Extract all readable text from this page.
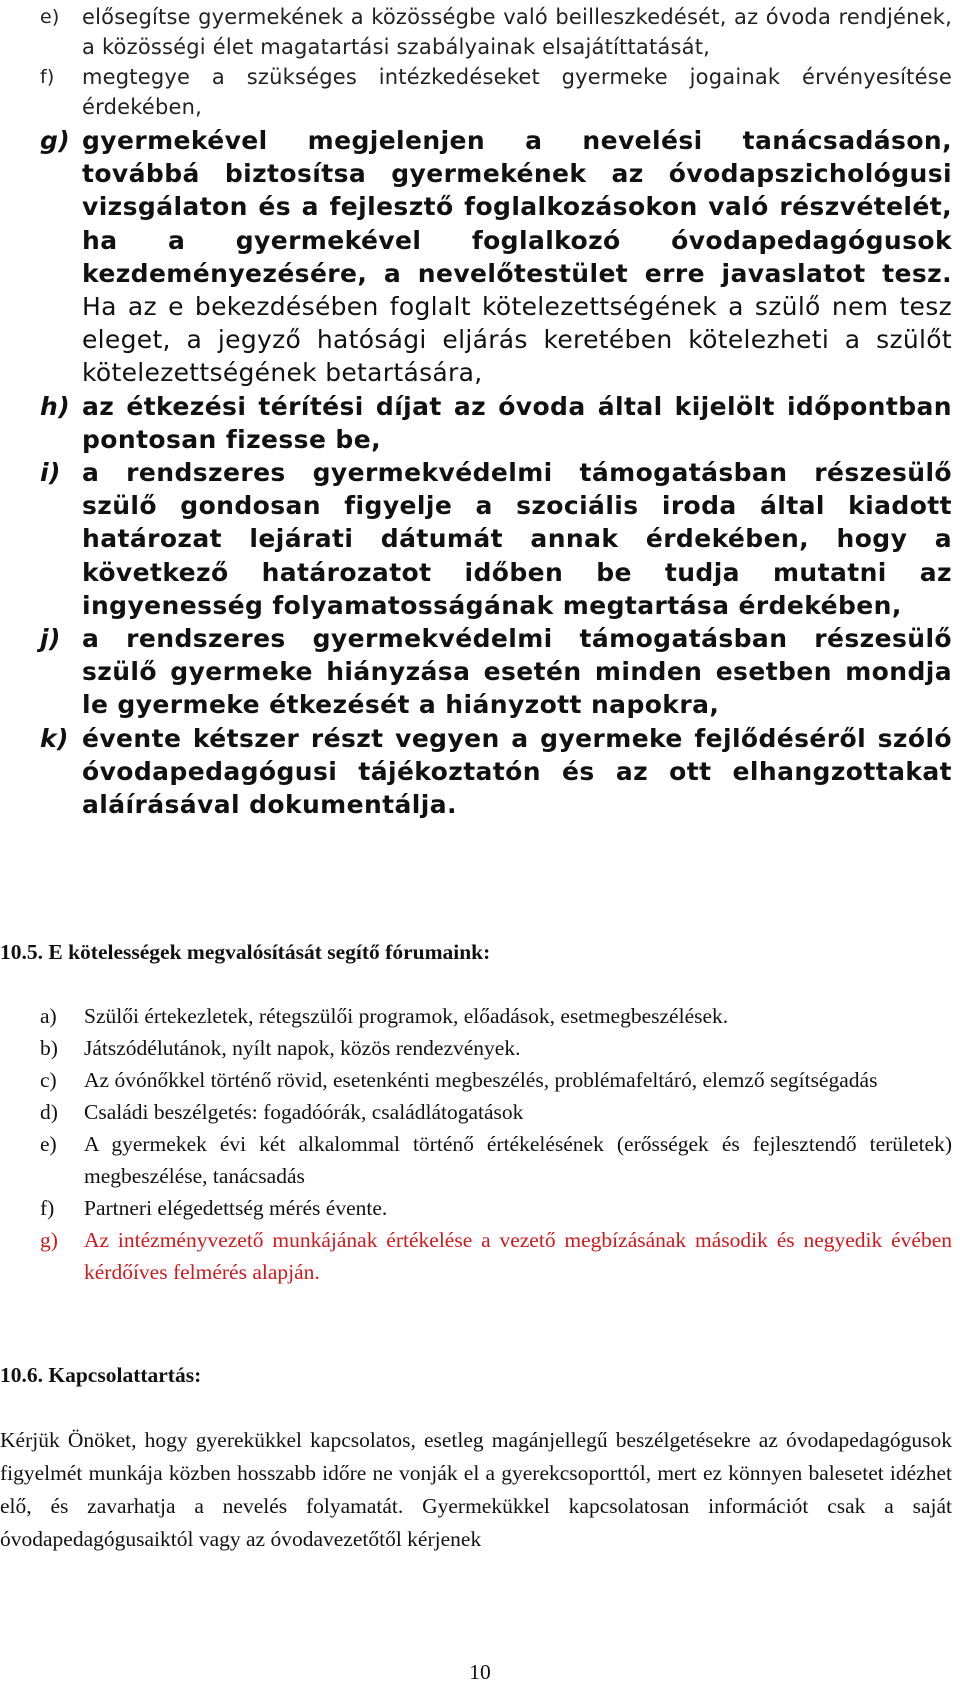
e)	elősegítse gyermekének a közösségbe való beilleszkedését, az óvoda rendjének, a közösségi élet magatartási szabályainak elsajátíttatását,
f)	megtegye a szükséges intézkedéseket gyermeke jogainak érvényesítése érdekében,
g) gyermekével megjelenjen a nevelési tanácsadáson, továbbá biztosítsa gyermekének az óvodapszichológusi vizsgálaton és a fejlesztő foglalkozásokon való részvételét, ha a gyermekével foglalkozó óvodapedagógusok kezdeményezésére, a nevelőtestület erre javaslatot tesz. Ha az e bekezdésében foglalt kötelezettségének a szülő nem tesz eleget, a jegyző hatósági eljárás keretében kötelezheti a szülőt kötelezettségének betartására,
h) az étkezési térítési díjat az óvoda által kijelölt időpontban pontosan fizesse be,
i) a rendszeres gyermekvédelmi támogatásban részesülő szülő gondosan figyelje a szociális iroda által kiadott határozat lejárati dátumát annak érdekében, hogy a következő határozatot időben be tudja mutatni az ingyenesség folyamatosságának megtartása érdekében,
j) a rendszeres gyermekvédelmi támogatásban részesülő szülő gyermeke hiányzása esetén minden esetben mondja le gyermeke étkezését a hiányzott napokra,
k) évente kétszer részt vegyen a gyermeke fejlődéséről szóló óvodapedagógusi tájékoztatón és az ott elhangzottakat aláírásával dokumentálja.
10.5. E kötelességek megvalósítását segítő fórumaink:
a)	Szülői értekezletek, rétegszülői programok, előadások, esetmegbeszélések.
b)	Játszódélutánok, nyílt napok, közös rendezvények.
c)	Az óvónőkkel történő rövid, esetenkénti megbeszélés, problémafeltáró, elemző segítségadás
d)	Családi beszélgetés: fogadóórák, családlátogatások
e)	A gyermekek évi két alkalommal történő értékelésének (erősségek és fejlesztendő területek) megbeszélése, tanácsadás
f)	Partneri elégedettség mérés évente.
g)	Az intézményvezető munkájának értékelése a vezető megbízásának második és negyedik évében kérdőíves felmérés alapján.
10.6. Kapcsolattartás:
Kérjük Önöket, hogy gyerekükkel kapcsolatos, esetleg magánjellegű beszélgetésekre az óvodapedagógusok figyelmét munkája közben hosszabb időre ne vonják el a gyerekcsoporttól, mert ez könnyen balesetet idézhet elő, és zavarhatja a nevelés folyamatát. Gyermekükkel kapcsolatosan információt csak a saját óvodapedagógusaiktól vagy az óvodavezetőtől kérjenek
10
